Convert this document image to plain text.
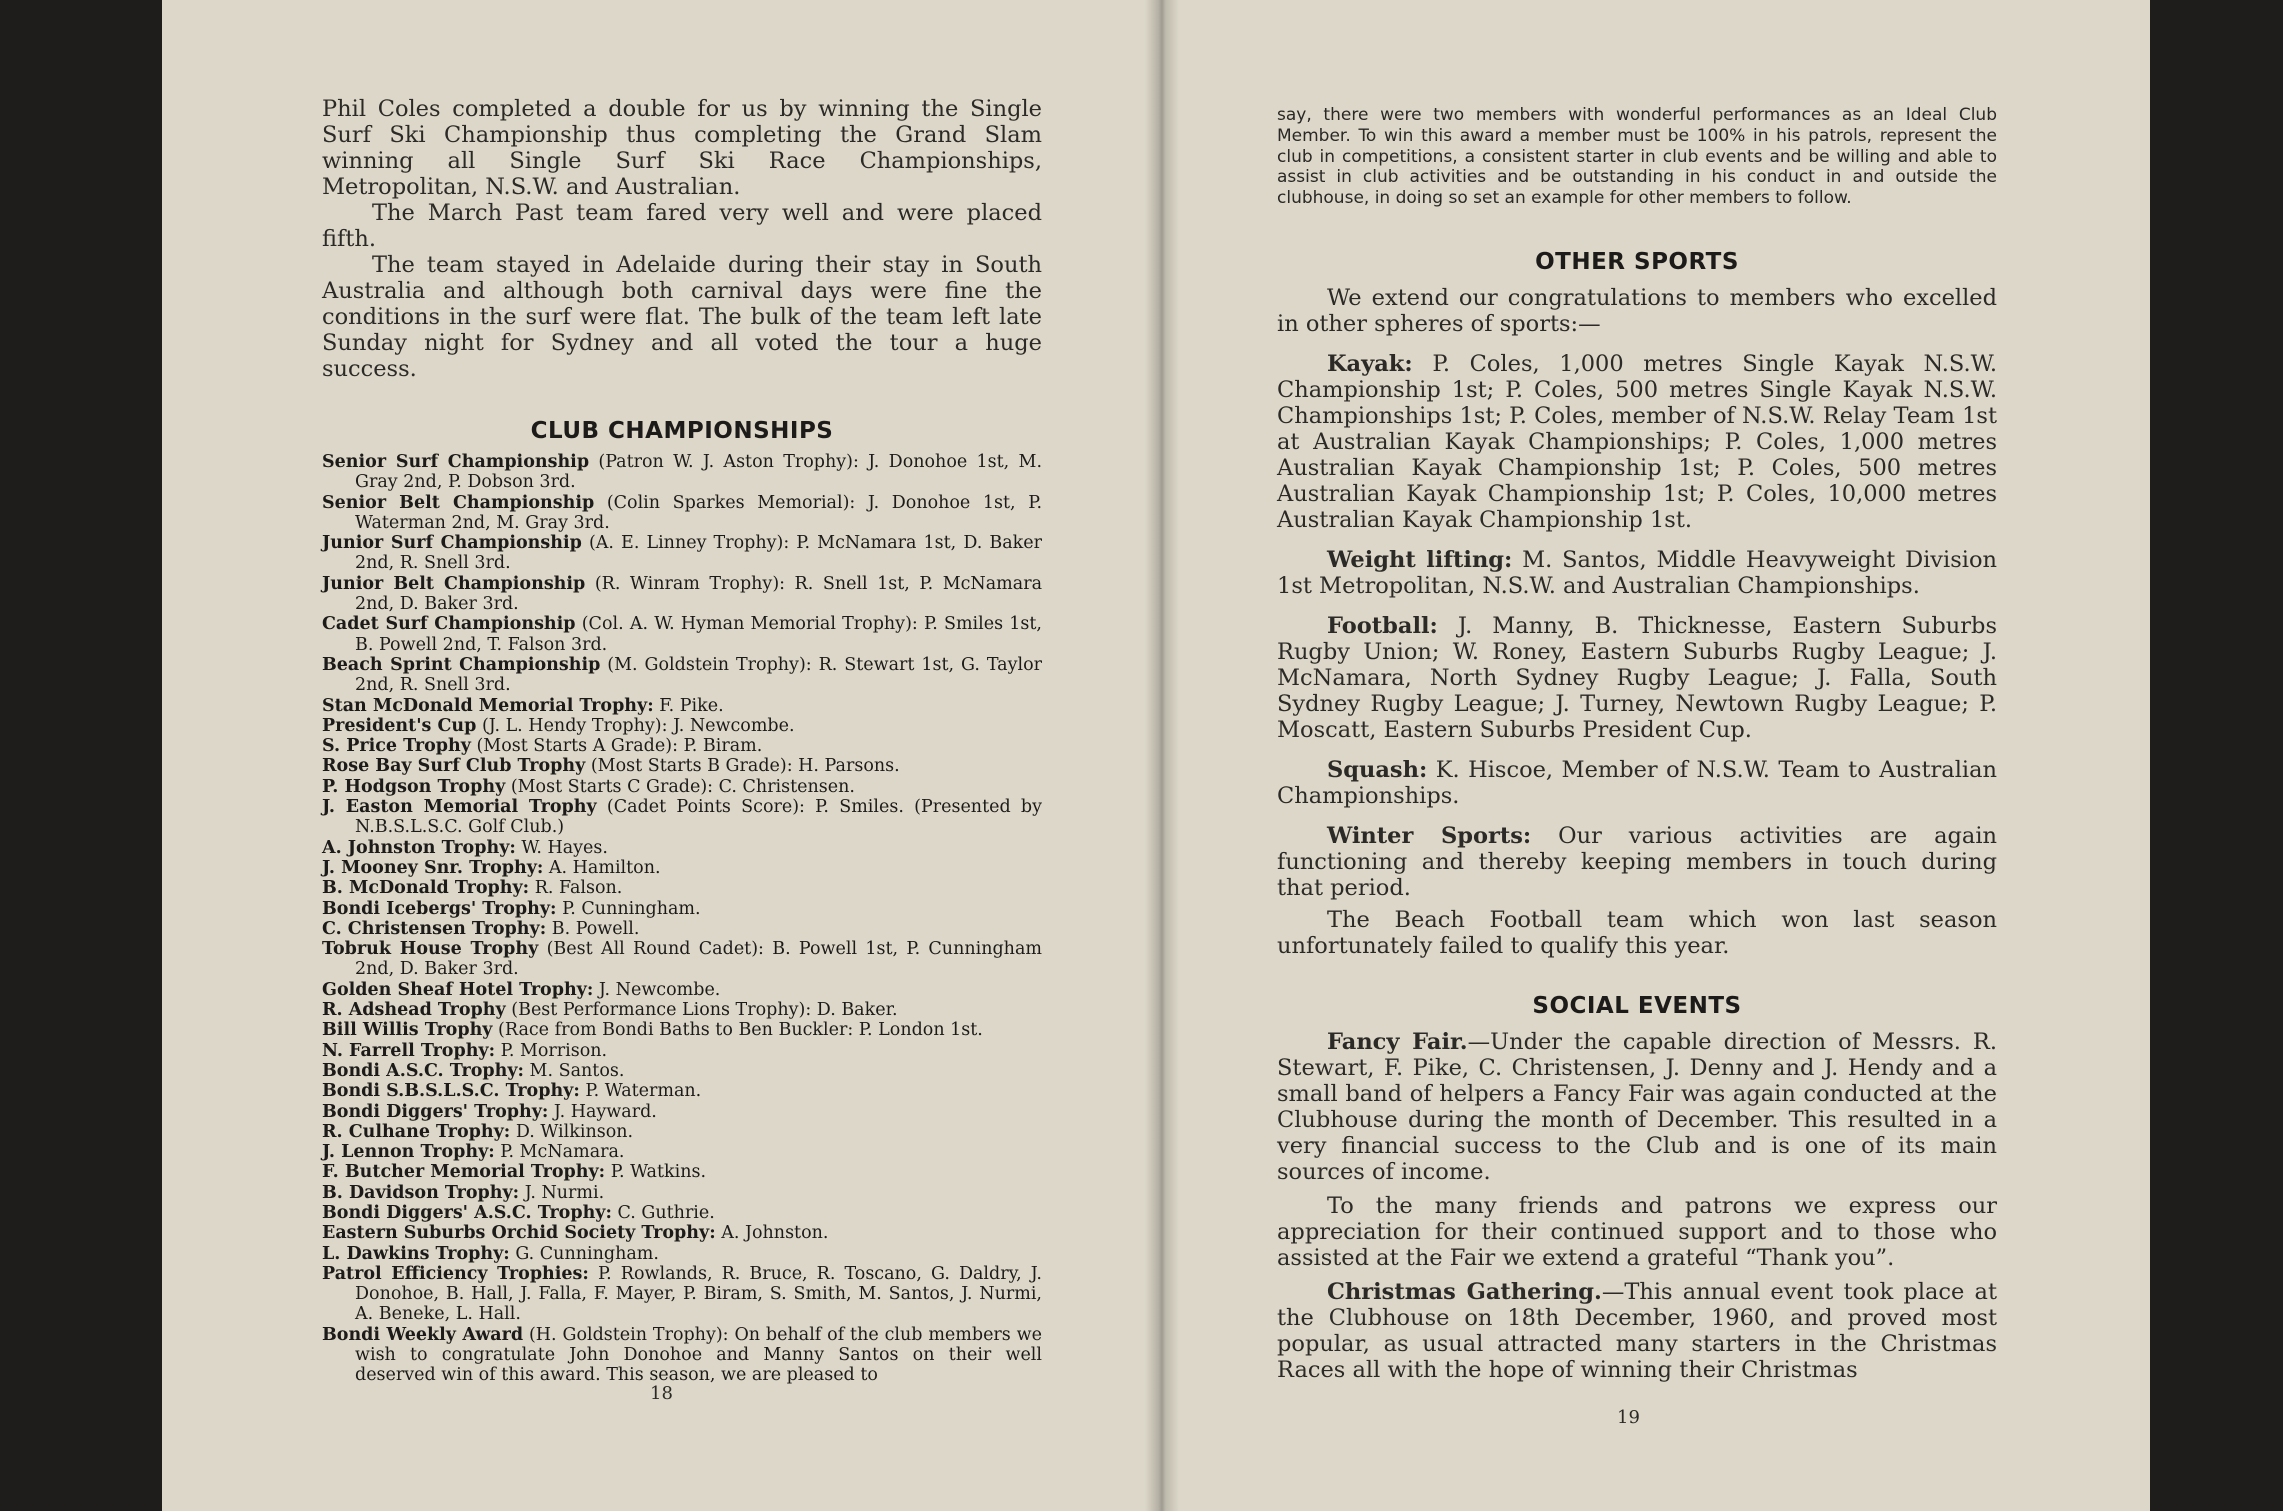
Phil Coles completed a double for us by winning the Single Surf Ski Championship thus completing the Grand Slam winning all Single Surf Ski Race Championships, Metropolitan, N.S.W. and Australian.

The March Past team fared very well and were placed fifth.

The team stayed in Adelaide during their stay in South Australia and although both carnival days were fine the conditions in the surf were flat. The bulk of the team left late Sunday night for Sydney and all voted the tour a huge success.

CLUB CHAMPIONSHIPS
Senior Surf Championship (Patron W. J. Aston Trophy): J. Donohoe 1st, M. Gray 2nd, P. Dobson 3rd.
Senior Belt Championship (Colin Sparkes Memorial): J. Donohoe 1st, P. Waterman 2nd, M. Gray 3rd.
Junior Surf Championship (A. E. Linney Trophy): P. McNamara 1st, D. Baker 2nd, R. Snell 3rd.
Junior Belt Championship (R. Winram Trophy): R. Snell 1st, P. McNamara 2nd, D. Baker 3rd.
Cadet Surf Championship (Col. A. W. Hyman Memorial Trophy): P. Smiles 1st, B. Powell 2nd, T. Falson 3rd.
Beach Sprint Championship (M. Goldstein Trophy): R. Stewart 1st, G. Taylor 2nd, R. Snell 3rd.
Stan McDonald Memorial Trophy: F. Pike.
President's Cup (J. L. Hendy Trophy): J. Newcombe.
S. Price Trophy (Most Starts A Grade): P. Biram.
Rose Bay Surf Club Trophy (Most Starts B Grade): H. Parsons.
P. Hodgson Trophy (Most Starts C Grade): C. Christensen.
J. Easton Memorial Trophy (Cadet Points Score): P. Smiles. (Presented by N.B.S.L.S.C. Golf Club.)
A. Johnston Trophy: W. Hayes.
J. Mooney Snr. Trophy: A. Hamilton.
B. McDonald Trophy: R. Falson.
Bondi Icebergs' Trophy: P. Cunningham.
C. Christensen Trophy: B. Powell.
Tobruk House Trophy (Best All Round Cadet): B. Powell 1st, P. Cunningham 2nd, D. Baker 3rd.
Golden Sheaf Hotel Trophy: J. Newcombe.
R. Adshead Trophy (Best Performance Lions Trophy): D. Baker.
Bill Willis Trophy (Race from Bondi Baths to Ben Buckler: P. London 1st.
N. Farrell Trophy: P. Morrison.
Bondi A.S.C. Trophy: M. Santos.
Bondi S.B.S.L.S.C. Trophy: P. Waterman.
Bondi Diggers' Trophy: J. Hayward.
R. Culhane Trophy: D. Wilkinson.
J. Lennon Trophy: P. McNamara.
F. Butcher Memorial Trophy: P. Watkins.
B. Davidson Trophy: J. Nurmi.
Bondi Diggers' A.S.C. Trophy: C. Guthrie.
Eastern Suburbs Orchid Society Trophy: A. Johnston.
L. Dawkins Trophy: G. Cunningham.
Patrol Efficiency Trophies: P. Rowlands, R. Bruce, R. Toscano, G. Daldry, J. Donohoe, B. Hall, J. Falla, F. Mayer, P. Biram, S. Smith, M. Santos, J. Nurmi, A. Beneke, L. Hall.
Bondi Weekly Award (H. Goldstein Trophy): On behalf of the club members we wish to congratulate John Donohoe and Manny Santos on their well deserved win of this award. This season, we are pleased to
18

say, there were two members with wonderful performances as an Ideal Club Member. To win this award a member must be 100% in his patrols, represent the club in competitions, a consistent starter in club events and be willing and able to assist in club activities and be outstanding in his conduct in and outside the clubhouse, in doing so set an example for other members to follow.

OTHER SPORTS

We extend our congratulations to members who excelled in other spheres of sports:—

Kayak: P. Coles, 1,000 metres Single Kayak N.S.W. Championship 1st; P. Coles, 500 metres Single Kayak N.S.W. Championships 1st; P. Coles, member of N.S.W. Relay Team 1st at Australian Kayak Championships; P. Coles, 1,000 metres Australian Kayak Championship 1st; P. Coles, 500 metres Australian Kayak Championship 1st; P. Coles, 10,000 metres Australian Kayak Championship 1st.

Weight lifting: M. Santos, Middle Heavyweight Division 1st Metropolitan, N.S.W. and Australian Championships.

Football: J. Manny, B. Thicknesse, Eastern Suburbs Rugby Union; W. Roney, Eastern Suburbs Rugby League; J. McNamara, North Sydney Rugby League; J. Falla, South Sydney Rugby League; J. Turney, Newtown Rugby League; P. Moscatt, Eastern Suburbs President Cup.

Squash: K. Hiscoe, Member of N.S.W. Team to Australian Championships.

Winter Sports: Our various activities are again functioning and thereby keeping members in touch during that period.

The Beach Football team which won last season unfortunately failed to qualify this year.

SOCIAL EVENTS

Fancy Fair.—Under the capable direction of Messrs. R. Stewart, F. Pike, C. Christensen, J. Denny and J. Hendy and a small band of helpers a Fancy Fair was again conducted at the Clubhouse during the month of December. This resulted in a very financial success to the Club and is one of its main sources of income.

To the many friends and patrons we express our appreciation for their continued support and to those who assisted at the Fair we extend a grateful “Thank you”.

Christmas Gathering.—This annual event took place at the Clubhouse on 18th December, 1960, and proved most popular, as usual attracted many starters in the Christmas Races all with the hope of winning their Christmas

19
